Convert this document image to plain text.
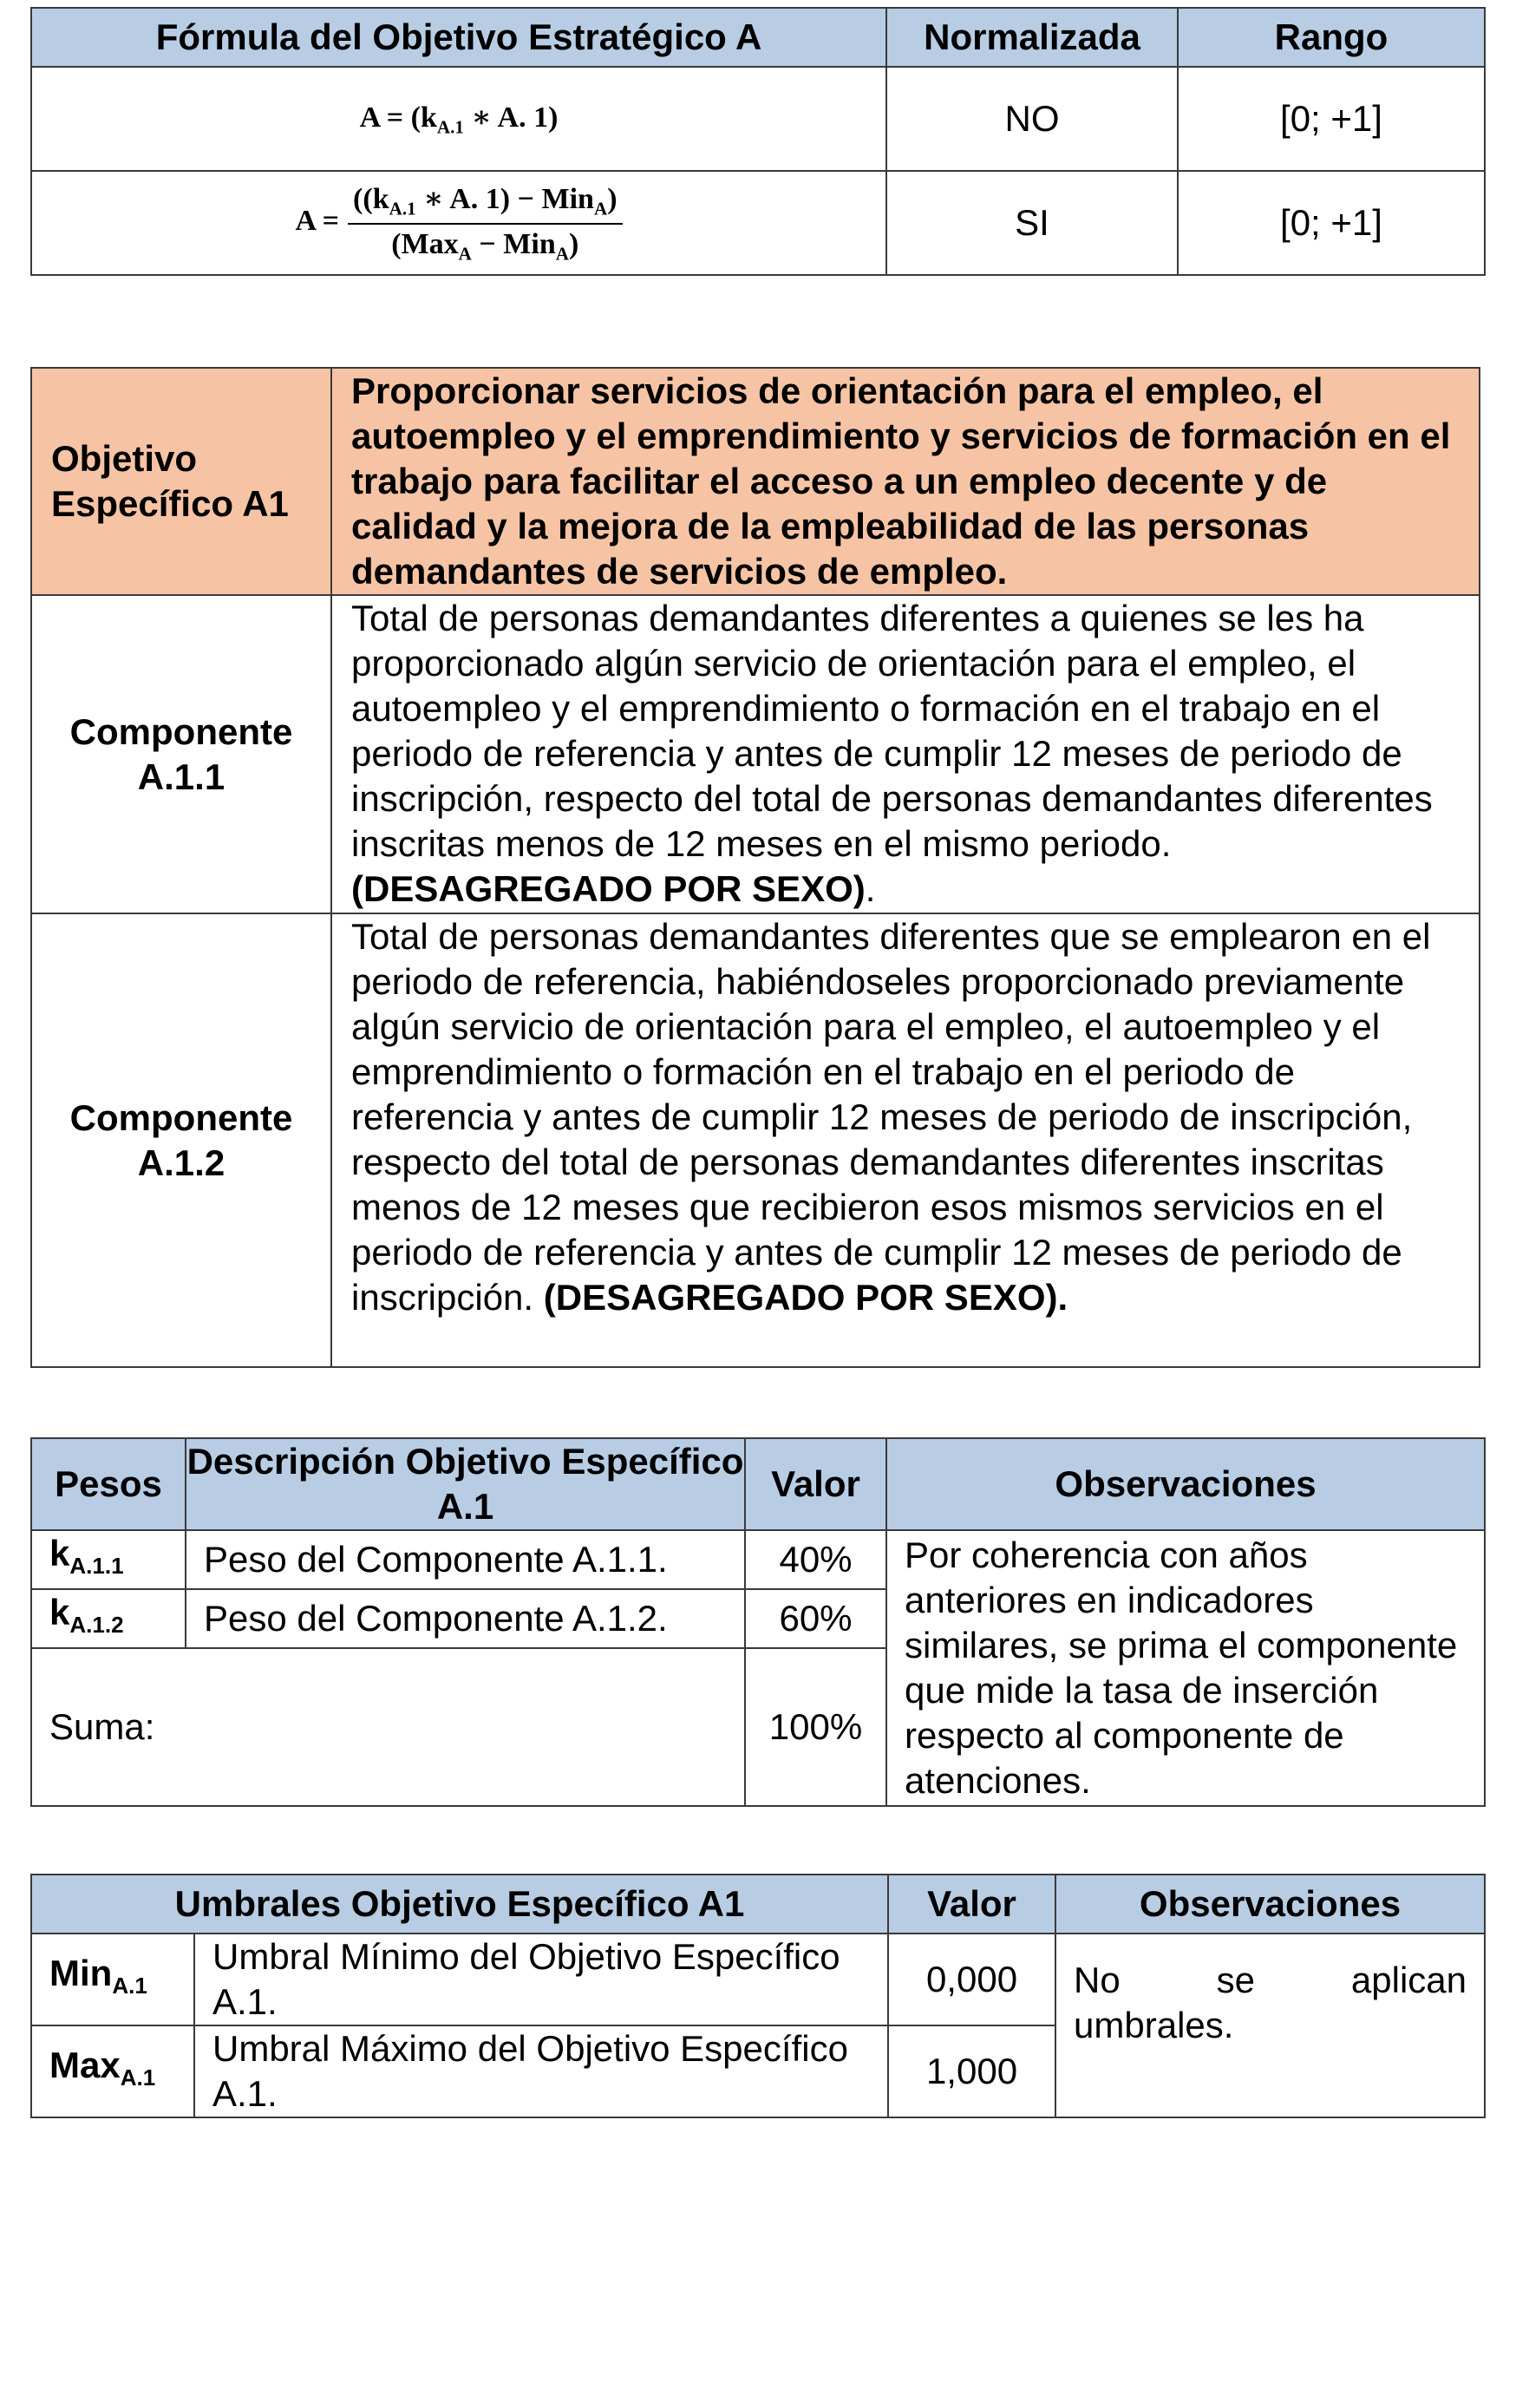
Fórmula del Objetivo Estratégico A	Normalizada	Rango
$A = (k_{A.1}$ ∗ A. 1)	NO	[0; +1]
$A = \frac{((k_{A.1} ∗ A. 1) - Min_A)}{(Max_A - Min_A)}$	SI	[0; +1]
Objetivo Específico A1	Proporcionar servicios de orientación para el empleo, el autoempleo y el emprendimiento y servicios de formación en el trabajo para facilitar el acceso a un empleo decente y de calidad y la mejora de la empleabilidad de las personas demandantes de servicios de empleo.
Componente A.1.1	Total de personas demandantes diferentes a quienes se les ha proporcionado algún servicio de orientación para el empleo, el autoempleo y el emprendimiento o formación en el trabajo en el periodo de referencia y antes de cumplir 12 meses de periodo de inscripción, respecto del total de personas demandantes diferentes inscritas menos de 12 meses en el mismo periodo. (DESAGREGADO POR SEXO).
Componente A.1.2	Total de personas demandantes diferentes que se emplearon en el periodo de referencia, habiéndoseles proporcionado previamente algún servicio de orientación para el empleo, el autoempleo y el emprendimiento o formación en el trabajo en el periodo de referencia y antes de cumplir 12 meses de periodo de inscripción, respecto del total de personas demandantes diferentes inscritas menos de 12 meses que recibieron esos mismos servicios en el periodo de referencia y antes de cumplir 12 meses de periodo de inscripción. (DESAGREGADO POR SEXO).
Pesos	Descripción Objetivo Específico A.1	Valor	Observaciones
$k_{A.1.1}$	Peso del Componente A.1.1.	40%	Por coherencia con años anteriores en indicadores similares, se prima el componente que mide la tasa de inserción respecto al componente de atenciones.
$k_{A.1.2}$	Peso del Componente A.1.2.	60%	
Suma:		100%	
Umbrales Objetivo Específico A1		Valor	Observaciones
Min$_{A.1}$	Umbral Mínimo del Objetivo Específico A.1.	0,000	No se aplican
umbrales.

Max$_{A.1}$	Umbral Máximo del Objetivo Específico A.1.	1,000	
